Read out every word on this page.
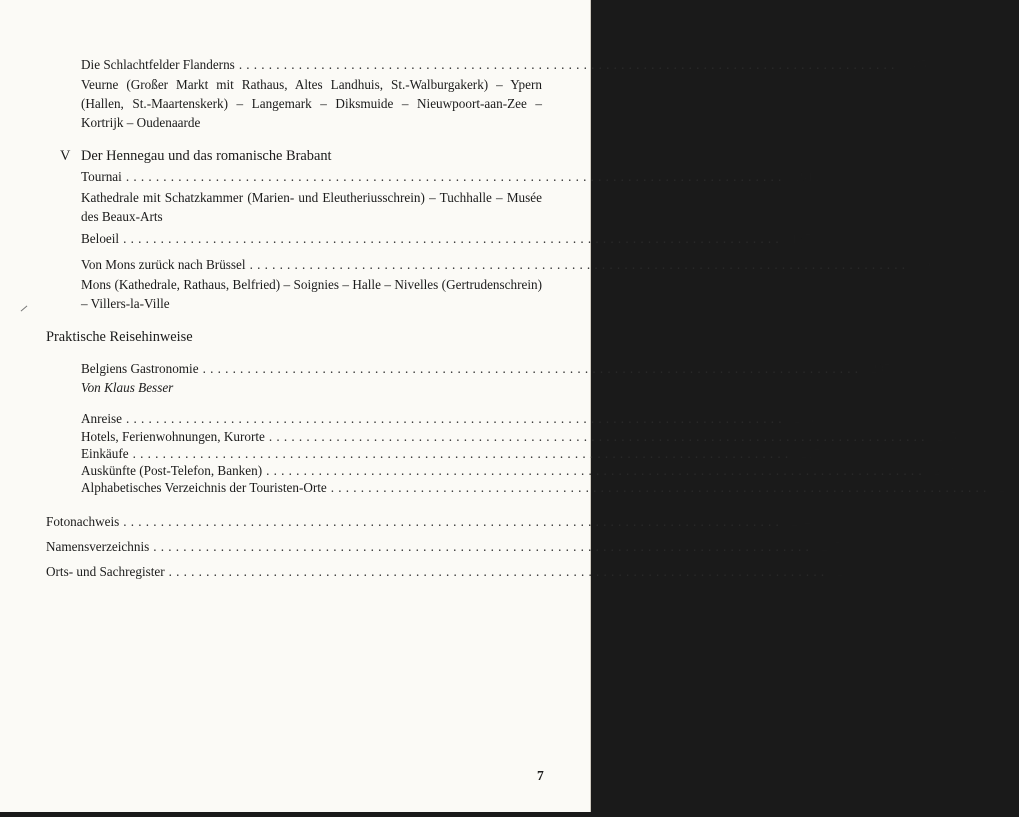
Die Schlachtfelder Flanderns ........................................................................................ 185
Veurne (Großer Markt mit Rathaus, Altes Landhuis, St.-Walburgakerk) – Ypern (Hallen, St.-Maartenskerk) – Langemark – Diksmuide – Nieuwpoort-aan-Zee – Kortrijk – Oudenaarde
V Der Hennegau und das romanische Brabant
Tournai ........................................................................................ 191
Kathedrale mit Schatzkammer (Marien- und Eleutheriusschrein) – Tuchhalle – Musée des Beaux-Arts
Beloeil ........................................................................................ 197
Von Mons zurück nach Brüssel ........................................................................................ 198
Mons (Kathedrale, Rathaus, Belfried) – Soignies – Halle – Nivelles (Gertrudenschrein) – Villers-la-Ville
Praktische Reisehinweise
Belgiens Gastronomie ........................................................................................ 205
Von Klaus Besser
Anreise ........................................................................................ 213
Hotels, Ferienwohnungen, Kurorte ........................................................................................ 215
Einkäufe ........................................................................................ 217
Auskünfte (Post-Telefon, Banken) ........................................................................................ 218
Alphabetisches Verzeichnis der Touristen-Orte ........................................................................................ 219
Fotonachweis ........................................................................................ 234
Namensverzeichnis ........................................................................................ 235
Orts- und Sachregister ........................................................................................ 239
7
